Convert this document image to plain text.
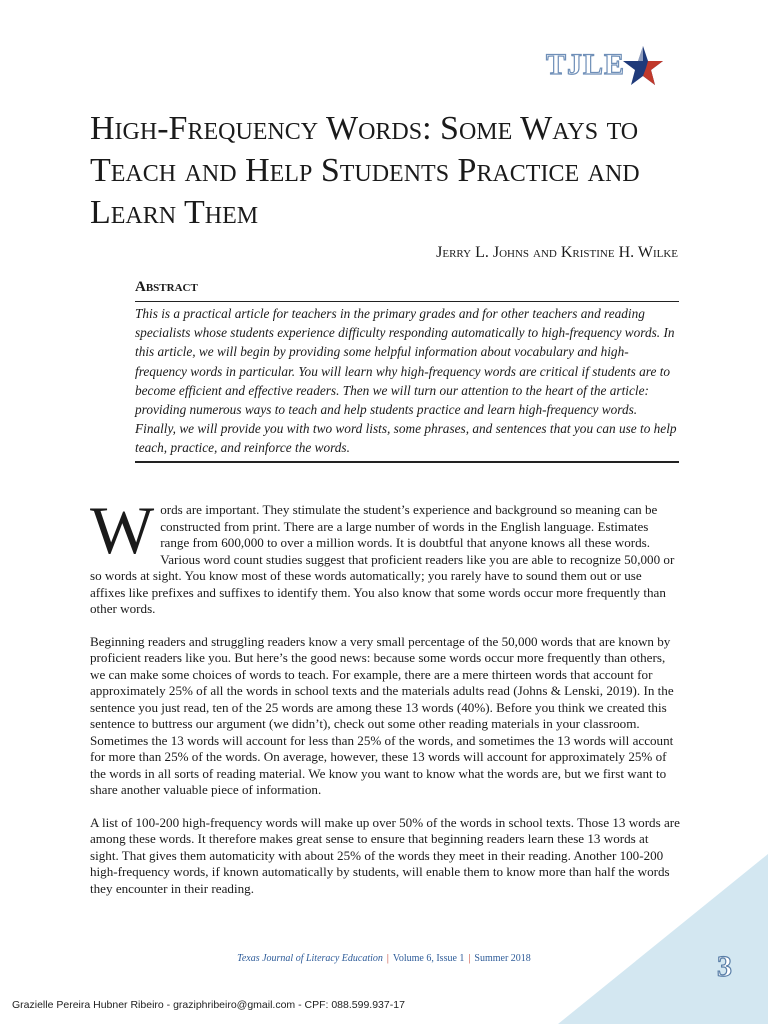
TJLE
High-Frequency Words: Some Ways to Teach and Help Students Practice and Learn Them
Jerry L. Johns and Kristine H. Wilke
Abstract

This is a practical article for teachers in the primary grades and for other teachers and reading specialists whose students experience difficulty responding automatically to high-frequency words. In this article, we will begin by providing some helpful information about vocabulary and high-frequency words in particular. You will learn why high-frequency words are critical if students are to become efficient and effective readers. Then we will turn our attention to the heart of the article: providing numerous ways to teach and help students practice and learn high-frequency words. Finally, we will provide you with two word lists, some phrases, and sentences that you can use to help teach, practice, and reinforce the words.

Words are important. They stimulate the student’s experience and background so meaning can be constructed from print. There are a large number of words in the English language. Estimates range from 600,000 to over a million words. It is doubtful that anyone knows all these words. Various word count studies suggest that proficient readers like you are able to recognize 50,000 or so words at sight. You know most of these words automatically; you rarely have to sound them out or use affixes like prefixes and suffixes to identify them. You also know that some words occur more frequently than other words.

Beginning readers and struggling readers know a very small percentage of the 50,000 words that are known by proficient readers like you. But here’s the good news: because some words occur more frequently than others, we can make some choices of words to teach. For example, there are a mere thirteen words that account for approximately 25% of all the words in school texts and the materials adults read (Johns & Lenski, 2019). In the sentence you just read, ten of the 25 words are among these 13 words (40%). Before you think we created this sentence to buttress our argument (we didn’t), check out some other reading materials in your classroom. Sometimes the 13 words will account for less than 25% of the words, and sometimes the 13 words will account for more than 25% of the words. On average, however, these 13 words will account for approximately 25% of the words in all sorts of reading material. We know you want to know what the words are, but we first want to share another valuable piece of information.

A list of 100-200 high-frequency words will make up over 50% of the words in school texts. Those 13 words are among these words. It therefore makes great sense to ensure that beginning readers learn these 13 words at sight. That gives them automaticity with about 25% of the words they meet in their reading. Another 100-200 high-frequency words, if known automatically by students, will enable them to know more than half the words they encounter in their reading.

Texas Journal of Literacy Education | Volume 6, Issue 1 | Summer 2018	3
Grazielle Pereira Hubner Ribeiro - graziphribeiro@gmail.com - CPF: 088.599.937-17
